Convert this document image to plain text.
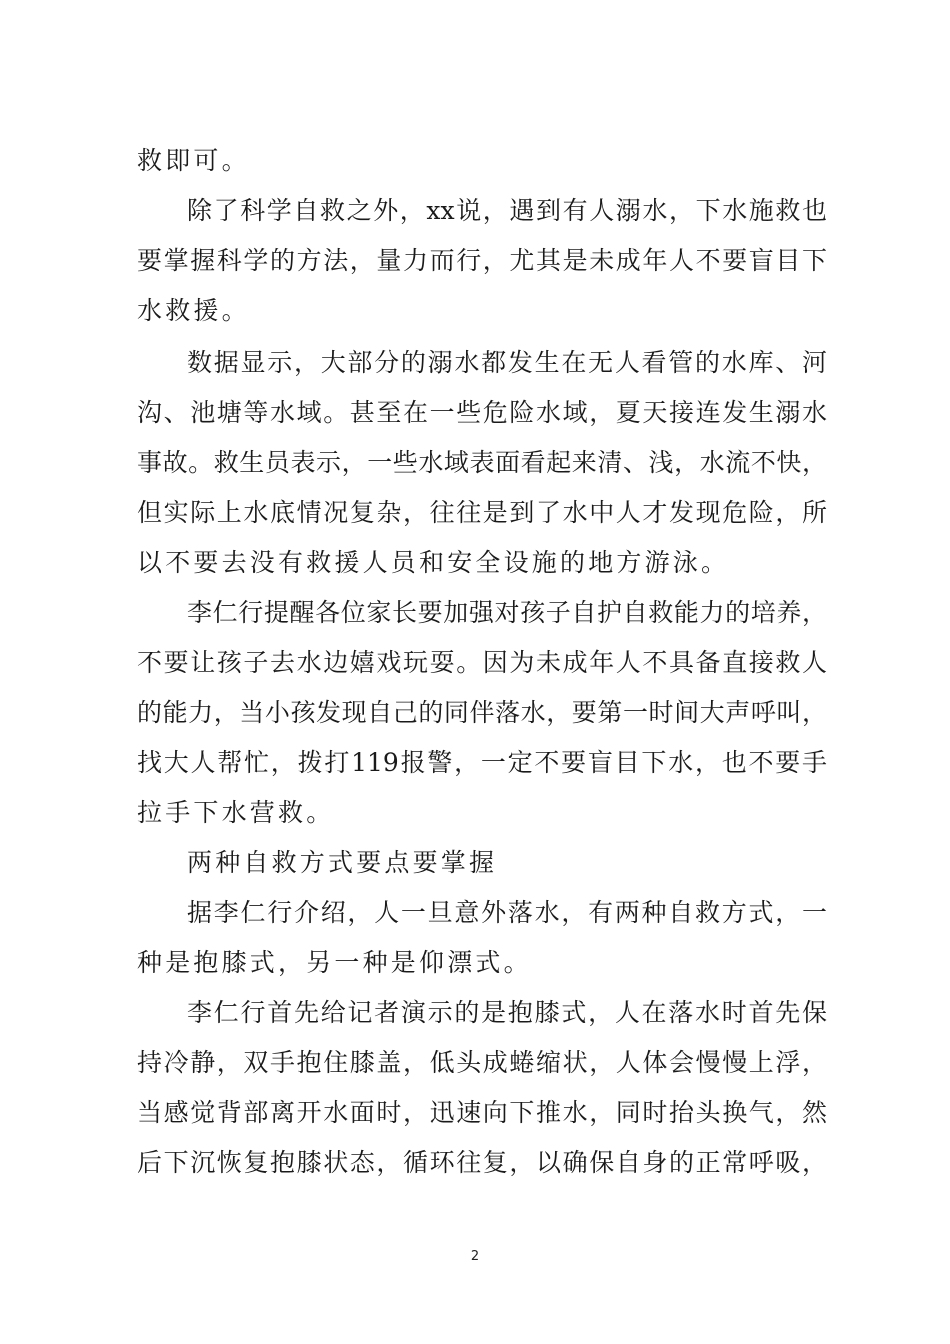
救即可。
除了科学自救之外，xx说，遇到有人溺水，下水施救也
要掌握科学的方法，量力而行，尤其是未成年人不要盲目下
水救援。
数据显示，大部分的溺水都发生在无人看管的水库、河
沟、池塘等水域。甚至在一些危险水域，夏天接连发生溺水
事故。救生员表示，一些水域表面看起来清、浅，水流不快，
但实际上水底情况复杂，往往是到了水中人才发现危险，所
以不要去没有救援人员和安全设施的地方游泳。
李仁行提醒各位家长要加强对孩子自护自救能力的培养，
不要让孩子去水边嬉戏玩耍。因为未成年人不具备直接救人
的能力，当小孩发现自己的同伴落水，要第一时间大声呼叫，
找大人帮忙，拨打119报警，一定不要盲目下水，也不要手
拉手下水营救。
两种自救方式要点要掌握
据李仁行介绍，人一旦意外落水，有两种自救方式，一
种是抱膝式，另一种是仰漂式。
李仁行首先给记者演示的是抱膝式，人在落水时首先保
持冷静，双手抱住膝盖，低头成蜷缩状，人体会慢慢上浮，
当感觉背部离开水面时，迅速向下推水，同时抬头换气，然
后下沉恢复抱膝状态，循环往复，以确保自身的正常呼吸，
2
